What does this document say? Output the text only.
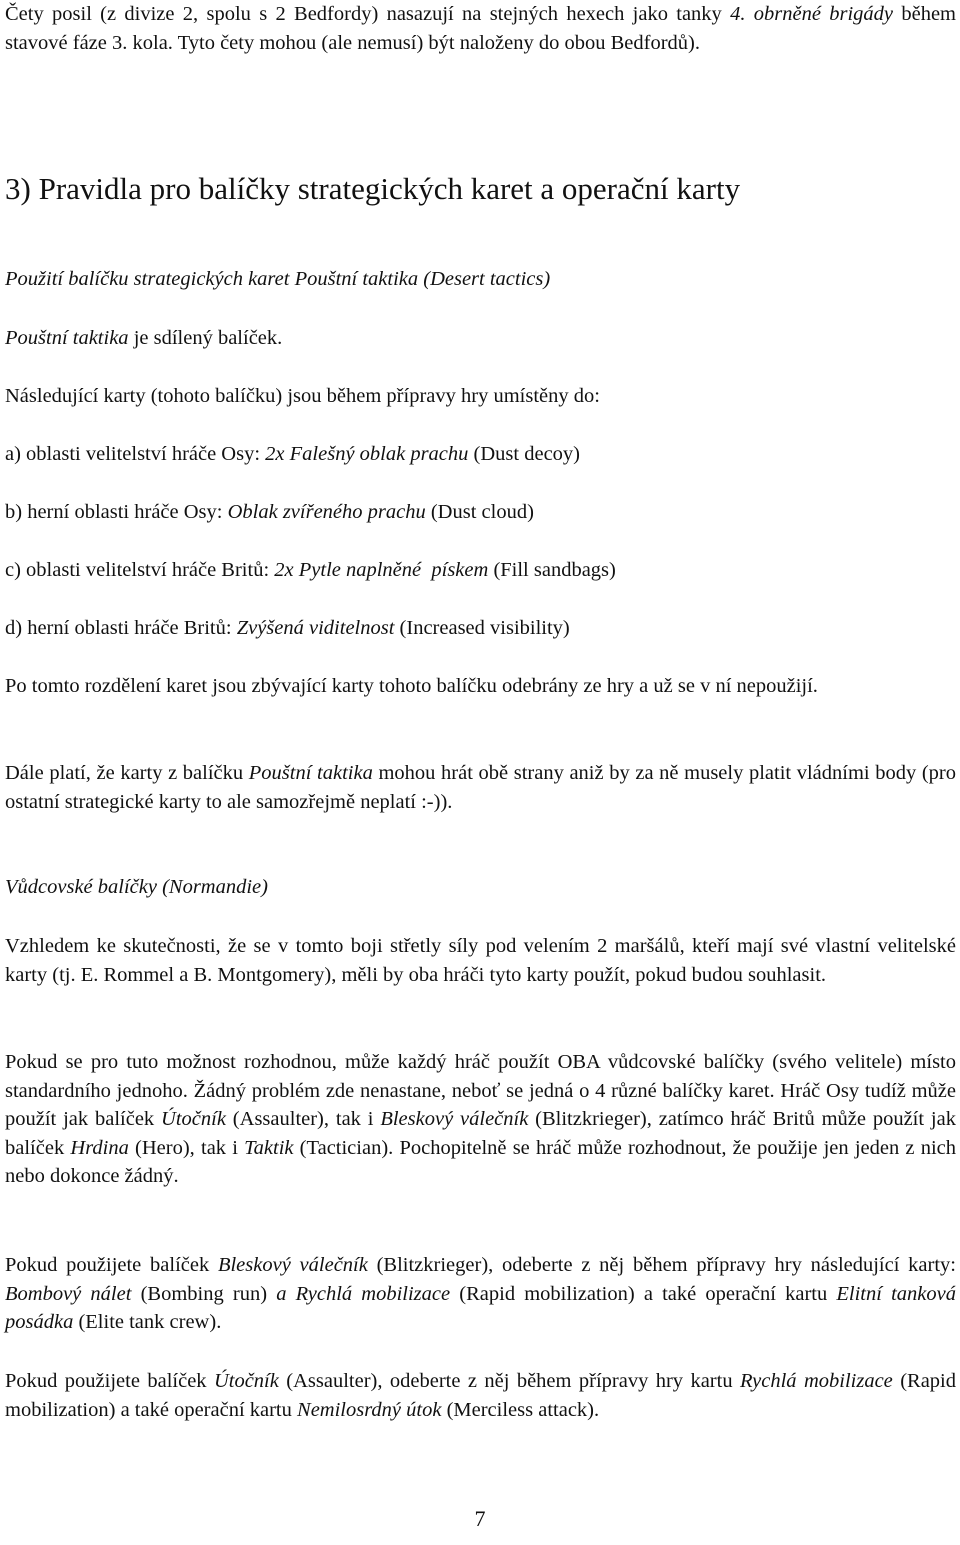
Čety posil (z divize 2, spolu s 2 Bedfordy) nasazují na stejných hexech jako tanky 4. obrněné brigády během stavové fáze 3. kola. Tyto čety mohou (ale nemusí) být naloženy do obou Bedfordů).

3) Pravidla pro balíčky strategických karet a operační karty

Použití balíčku strategických karet Pouštní taktika (Desert tactics)

Pouštní taktika je sdílený balíček.

Následující karty (tohoto balíčku) jsou během přípravy hry umístěny do:

a) oblasti velitelství hráče Osy: 2x Falešný oblak prachu (Dust decoy)

b) herní oblasti hráče Osy: Oblak zvířeného prachu (Dust cloud)

c) oblasti velitelství hráče Britů: 2x Pytle naplněné  pískem (Fill sandbags)

d) herní oblasti hráče Britů: Zvýšená viditelnost (Increased visibility)

Po tomto rozdělení karet jsou zbývající karty tohoto balíčku odebrány ze hry a už se v ní nepoužijí.

Dále platí, že karty z balíčku Pouštní taktika mohou hrát obě strany aniž by za ně musely platit vládními body (pro ostatní strategické karty to ale samozřejmě neplatí :-)).

Vůdcovské balíčky (Normandie)

Vzhledem ke skutečnosti, že se v tomto boji střetly síly pod velením 2 maršálů, kteří mají své vlastní velitelské karty (tj. E. Rommel a B. Montgomery), měli by oba hráči tyto karty použít, pokud budou souhlasit.

Pokud se pro tuto možnost rozhodnou, může každý hráč použít OBA vůdcovské balíčky (svého velitele) místo standardního jednoho. Žádný problém zde nenastane, neboť se jedná o 4 různé balíčky karet. Hráč Osy tudíž může použít jak balíček Útočník (Assaulter), tak i Bleskový válečník (Blitzkrieger), zatímco hráč Britů může použít jak balíček Hrdina (Hero), tak i Taktik (Tactician). Pochopitelně se hráč může rozhodnout, že použije jen jeden z nich nebo dokonce žádný.

Pokud použijete balíček Bleskový válečník (Blitzkrieger), odeberte z něj během přípravy hry následující karty: Bombový nálet (Bombing run) a Rychlá mobilizace (Rapid mobilization) a také operační kartu Elitní tanková posádka (Elite tank crew).

Pokud použijete balíček Útočník (Assaulter), odeberte z něj během přípravy hry kartu Rychlá mobilizace (Rapid mobilization) a také operační kartu Nemilosrdný útok (Merciless attack).

7
